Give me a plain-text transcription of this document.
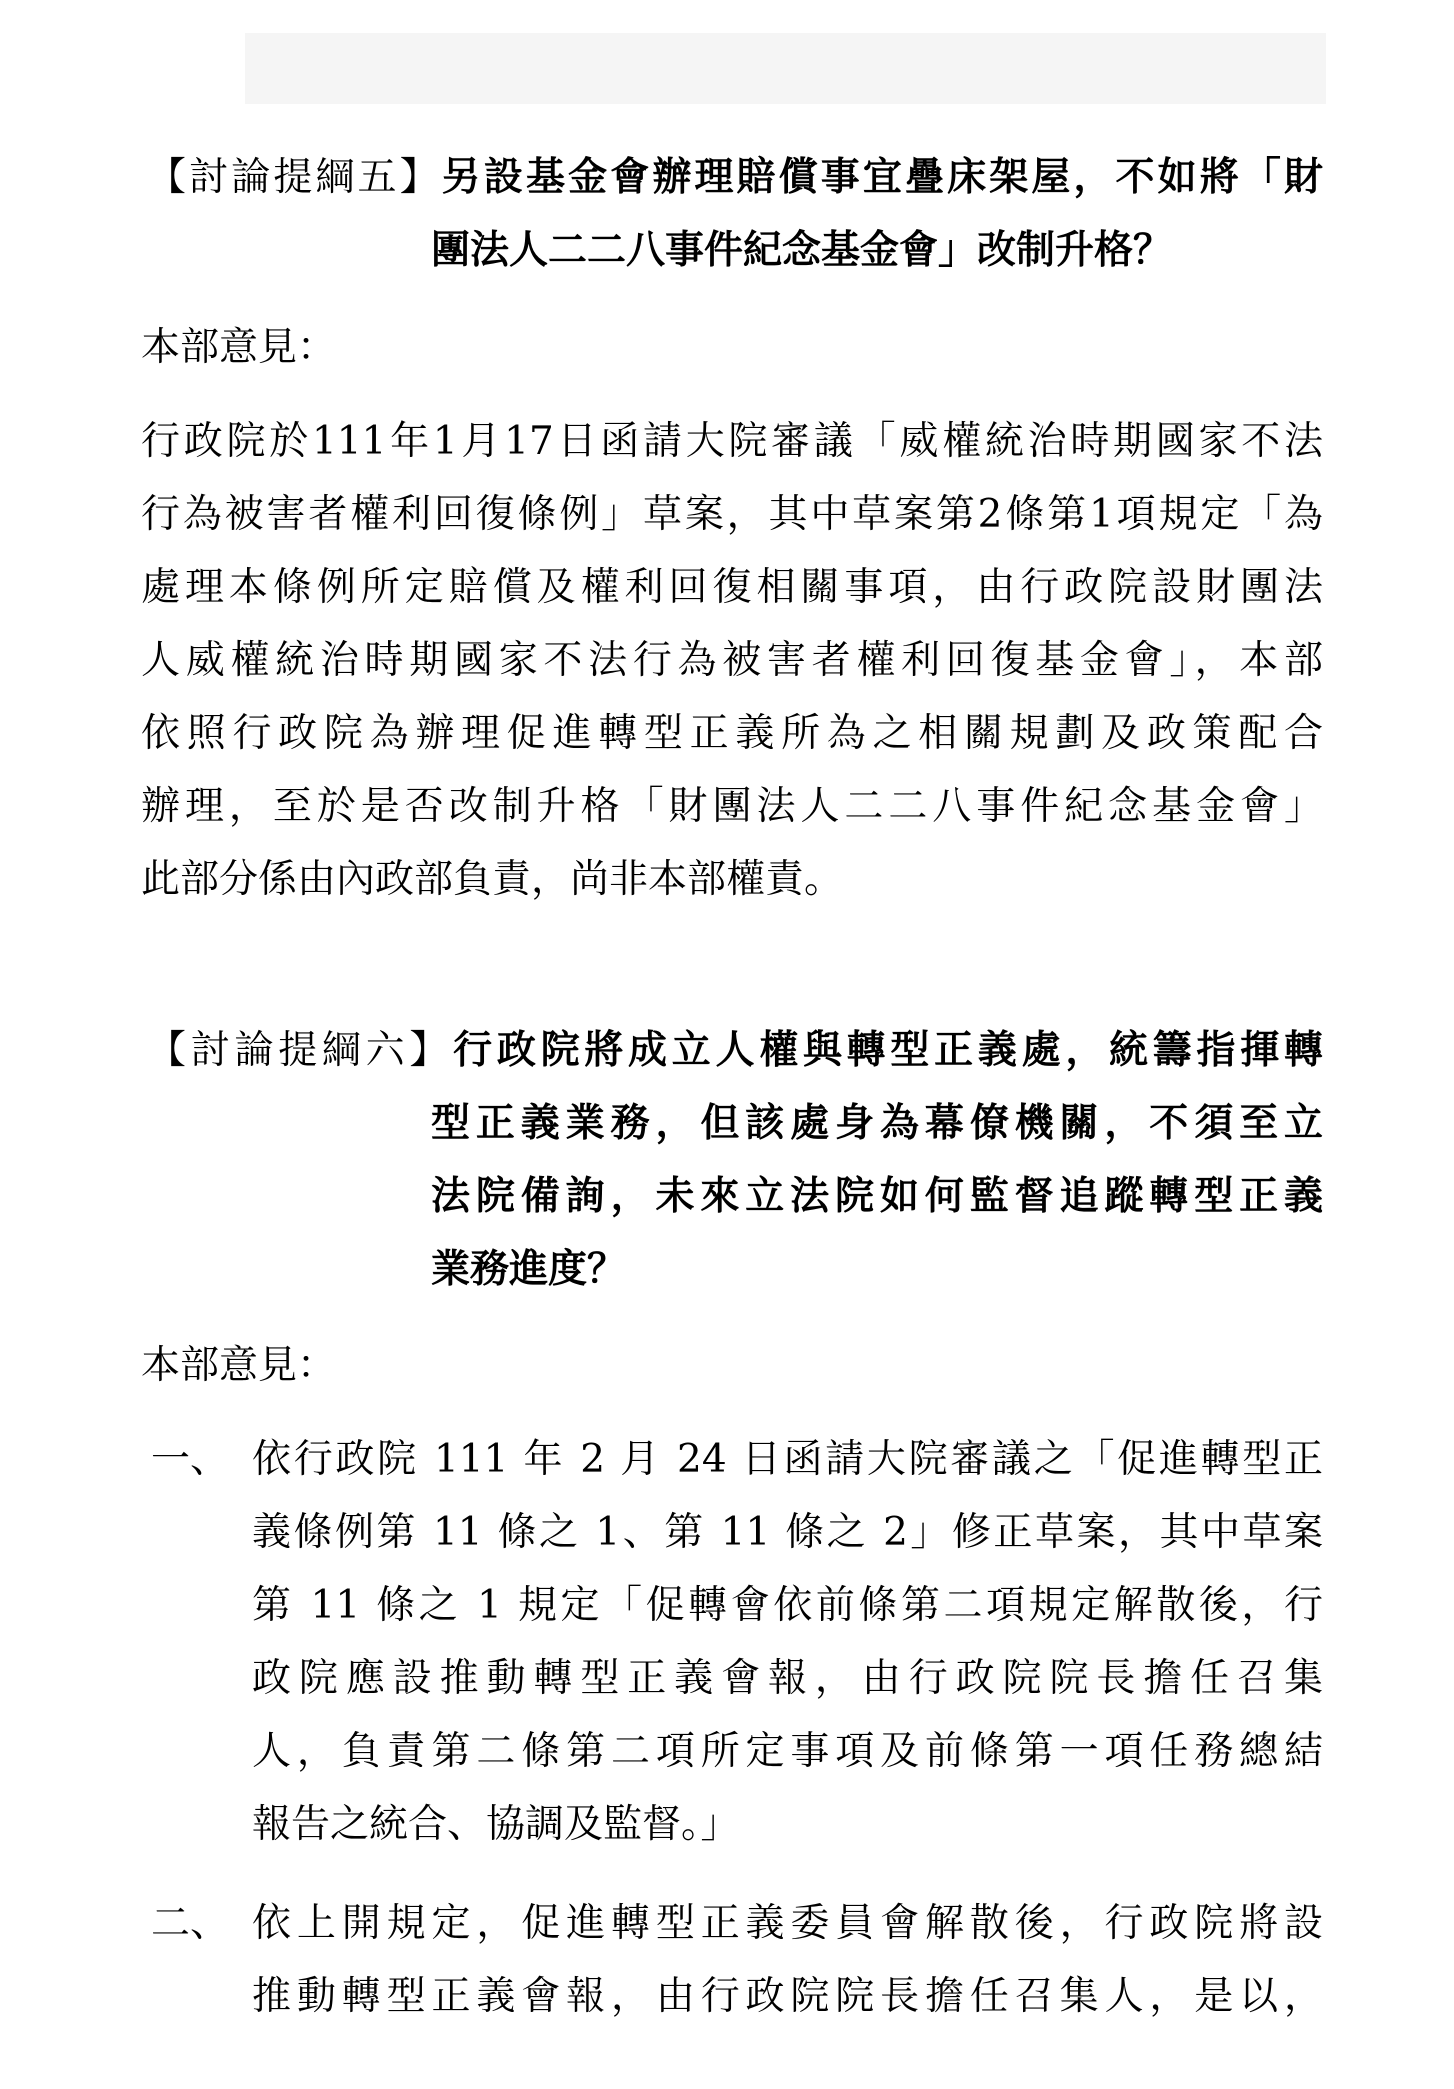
【討論提綱五】另設基金會辦理賠償事宜疊床架屋，不如將「財
團法人二二八事件紀念基金會」改制升格？
本部意見：
行政院於111年1月17日函請大院審議「威權統治時期國家不法
行為被害者權利回復條例」草案，其中草案第2條第1項規定「為
處理本條例所定賠償及權利回復相關事項，由行政院設財團法
人威權統治時期國家不法行為被害者權利回復基金會」，本部
依照行政院為辦理促進轉型正義所為之相關規劃及政策配合
辦理，至於是否改制升格「財團法人二二八事件紀念基金會」
此部分係由內政部負責，尚非本部權責。
【討論提綱六】行政院將成立人權與轉型正義處，統籌指揮轉
型正義業務，但該處身為幕僚機關，不須至立
法院備詢，未來立法院如何監督追蹤轉型正義
業務進度？
本部意見：
一、 依行政院 111 年 2 月 24 日函請大院審議之「促進轉型正
義條例第 11 條之 1、第 11 條之 2」修正草案，其中草案
第 11 條之 1 規定「促轉會依前條第二項規定解散後，行
政院應設推動轉型正義會報，由行政院院長擔任召集
人，負責第二條第二項所定事項及前條第一項任務總結
報告之統合、協調及監督。」
二、 依上開規定，促進轉型正義委員會解散後，行政院將設
推動轉型正義會報，由行政院院長擔任召集人，是以，
